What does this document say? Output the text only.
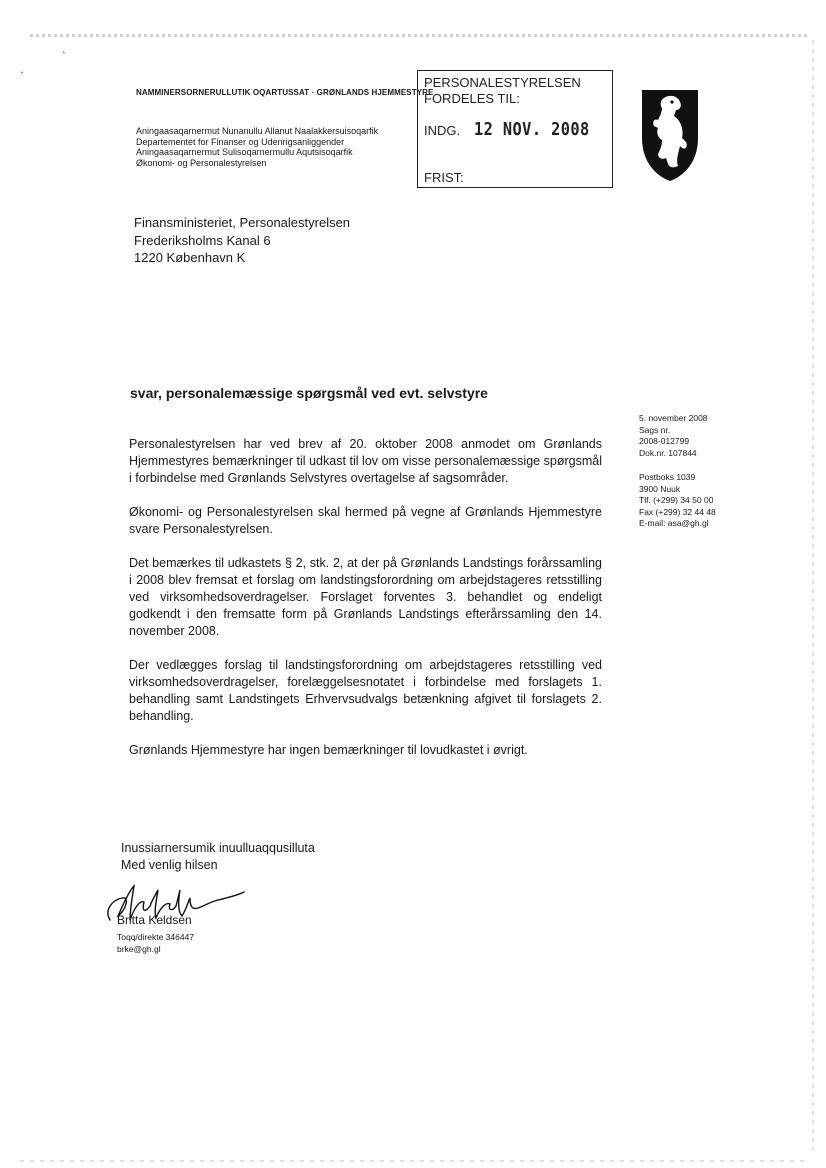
ˎ
ˎ
NAMMINERSORNERULLUTIK OQARTUSSAT · GRØNLANDS HJEMMESTYRE
Aningaasaqarnermut Nunanullu Allanut Naalakkersuisoqarfik
Departementet for Finanser og Udenrigsanliggender
Aningaasaqarnermut Sulisoqarnermullu Aqutsisoqarfik
Økonomi- og Personalestyrelsen
PERSONALESTYRELSEN
FORDELES TIL:
INDG. 12 NOV. 2008
FRIST:
Finansministeriet, Personalestyrelsen
Frederiksholms Kanal 6
1220 København K
svar, personalemæssige spørgsmål ved evt. selvstyre
5. november 2008
Sags nr.
2008-012799
Dok.nr. 107844
Postboks 1039
3900 Nuuk
Tlf. (+299) 34 50 00
Fax (+299) 32 44 48
E-mail: asa@gh.gl

Personalestyrelsen har ved brev af 20. oktober 2008 anmodet om Grønlands Hjemmestyres bemærkninger til udkast til lov om visse personalemæssige spørgsmål i forbindelse med Grønlands Selvstyres overtagelse af sagsområder.

Økonomi- og Personalestyrelsen skal hermed på vegne af Grønlands Hjemmestyre svare Personalestyrelsen.

Det bemærkes til udkastets § 2, stk. 2, at der på Grønlands Landstings forårssamling i 2008 blev fremsat et forslag om landstingsforordning om arbejdstageres retsstilling ved virksomhedsoverdragelser. Forslaget forventes 3. behandlet og endeligt godkendt i den fremsatte form på Grønlands Landstings efterårssamling den 14. november 2008.

Der vedlægges forslag til landstingsforordning om arbejdstageres retsstilling ved virksomhedsoverdragelser, forelæggelsesnotatet i forbindelse med forslagets 1. behandling samt Landstingets Erhvervsudvalgs betænkning afgivet til forslagets 2. behandling.

Grønlands Hjemmestyre har ingen bemærkninger til lovudkastet i øvrigt.

Inussiarnersumik inuulluaqqusilluta
Med venlig hilsen
Britta Keldsen
Toqq/direkte 346447
brke@gh.gl
